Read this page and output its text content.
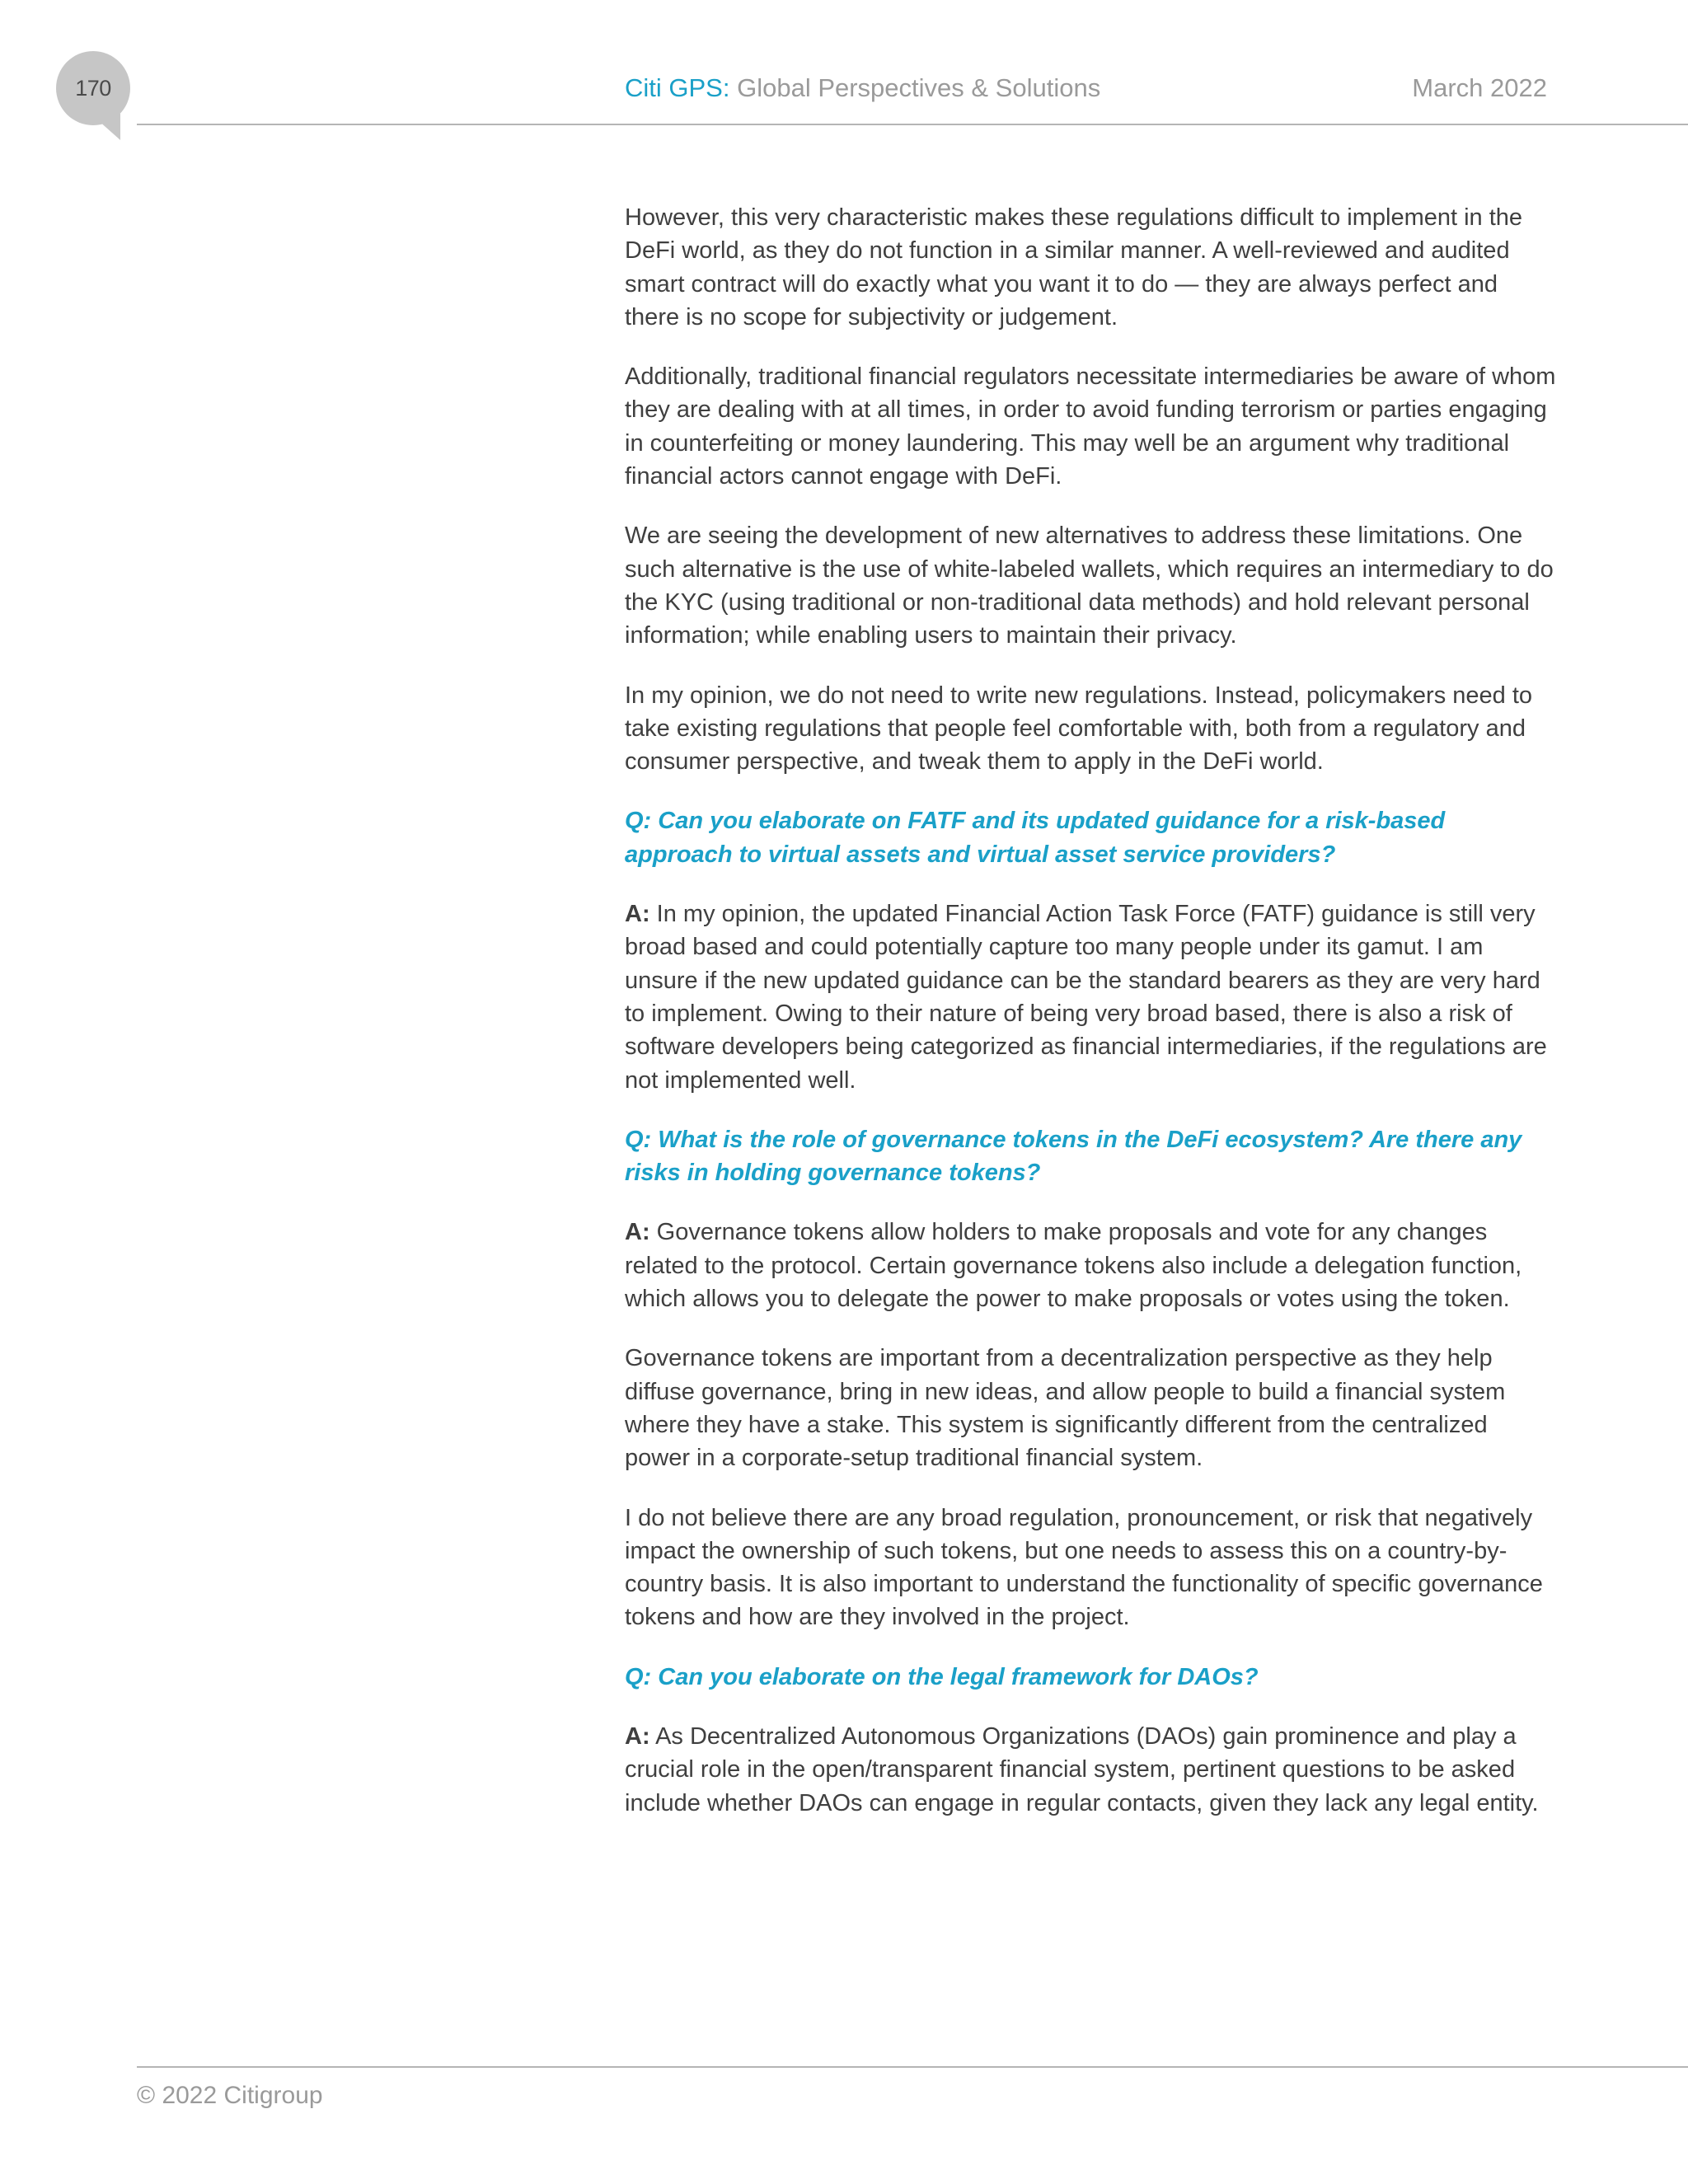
170	Citi GPS: Global Perspectives & Solutions	March 2022

However, this very characteristic makes these regulations difficult to implement in the DeFi world, as they do not function in a similar manner. A well-reviewed and audited smart contract will do exactly what you want it to do — they are always perfect and there is no scope for subjectivity or judgement.

Additionally, traditional financial regulators necessitate intermediaries be aware of whom they are dealing with at all times, in order to avoid funding terrorism or parties engaging in counterfeiting or money laundering. This may well be an argument why traditional financial actors cannot engage with DeFi.

We are seeing the development of new alternatives to address these limitations. One such alternative is the use of white-labeled wallets, which requires an intermediary to do the KYC (using traditional or non-traditional data methods) and hold relevant personal information; while enabling users to maintain their privacy.

In my opinion, we do not need to write new regulations. Instead, policymakers need to take existing regulations that people feel comfortable with, both from a regulatory and consumer perspective, and tweak them to apply in the DeFi world.

Q: Can you elaborate on FATF and its updated guidance for a risk-based approach to virtual assets and virtual asset service providers?

A: In my opinion, the updated Financial Action Task Force (FATF) guidance is still very broad based and could potentially capture too many people under its gamut. I am unsure if the new updated guidance can be the standard bearers as they are very hard to implement. Owing to their nature of being very broad based, there is also a risk of software developers being categorized as financial intermediaries, if the regulations are not implemented well.

Q: What is the role of governance tokens in the DeFi ecosystem? Are there any risks in holding governance tokens?

A: Governance tokens allow holders to make proposals and vote for any changes related to the protocol. Certain governance tokens also include a delegation function, which allows you to delegate the power to make proposals or votes using the token.

Governance tokens are important from a decentralization perspective as they help diffuse governance, bring in new ideas, and allow people to build a financial system where they have a stake. This system is significantly different from the centralized power in a corporate-setup traditional financial system.

I do not believe there are any broad regulation, pronouncement, or risk that negatively impact the ownership of such tokens, but one needs to assess this on a country-by-country basis. It is also important to understand the functionality of specific governance tokens and how are they involved in the project.

Q: Can you elaborate on the legal framework for DAOs?

A: As Decentralized Autonomous Organizations (DAOs) gain prominence and play a crucial role in the open/transparent financial system, pertinent questions to be asked include whether DAOs can engage in regular contacts, given they lack any legal entity.

© 2022 Citigroup
